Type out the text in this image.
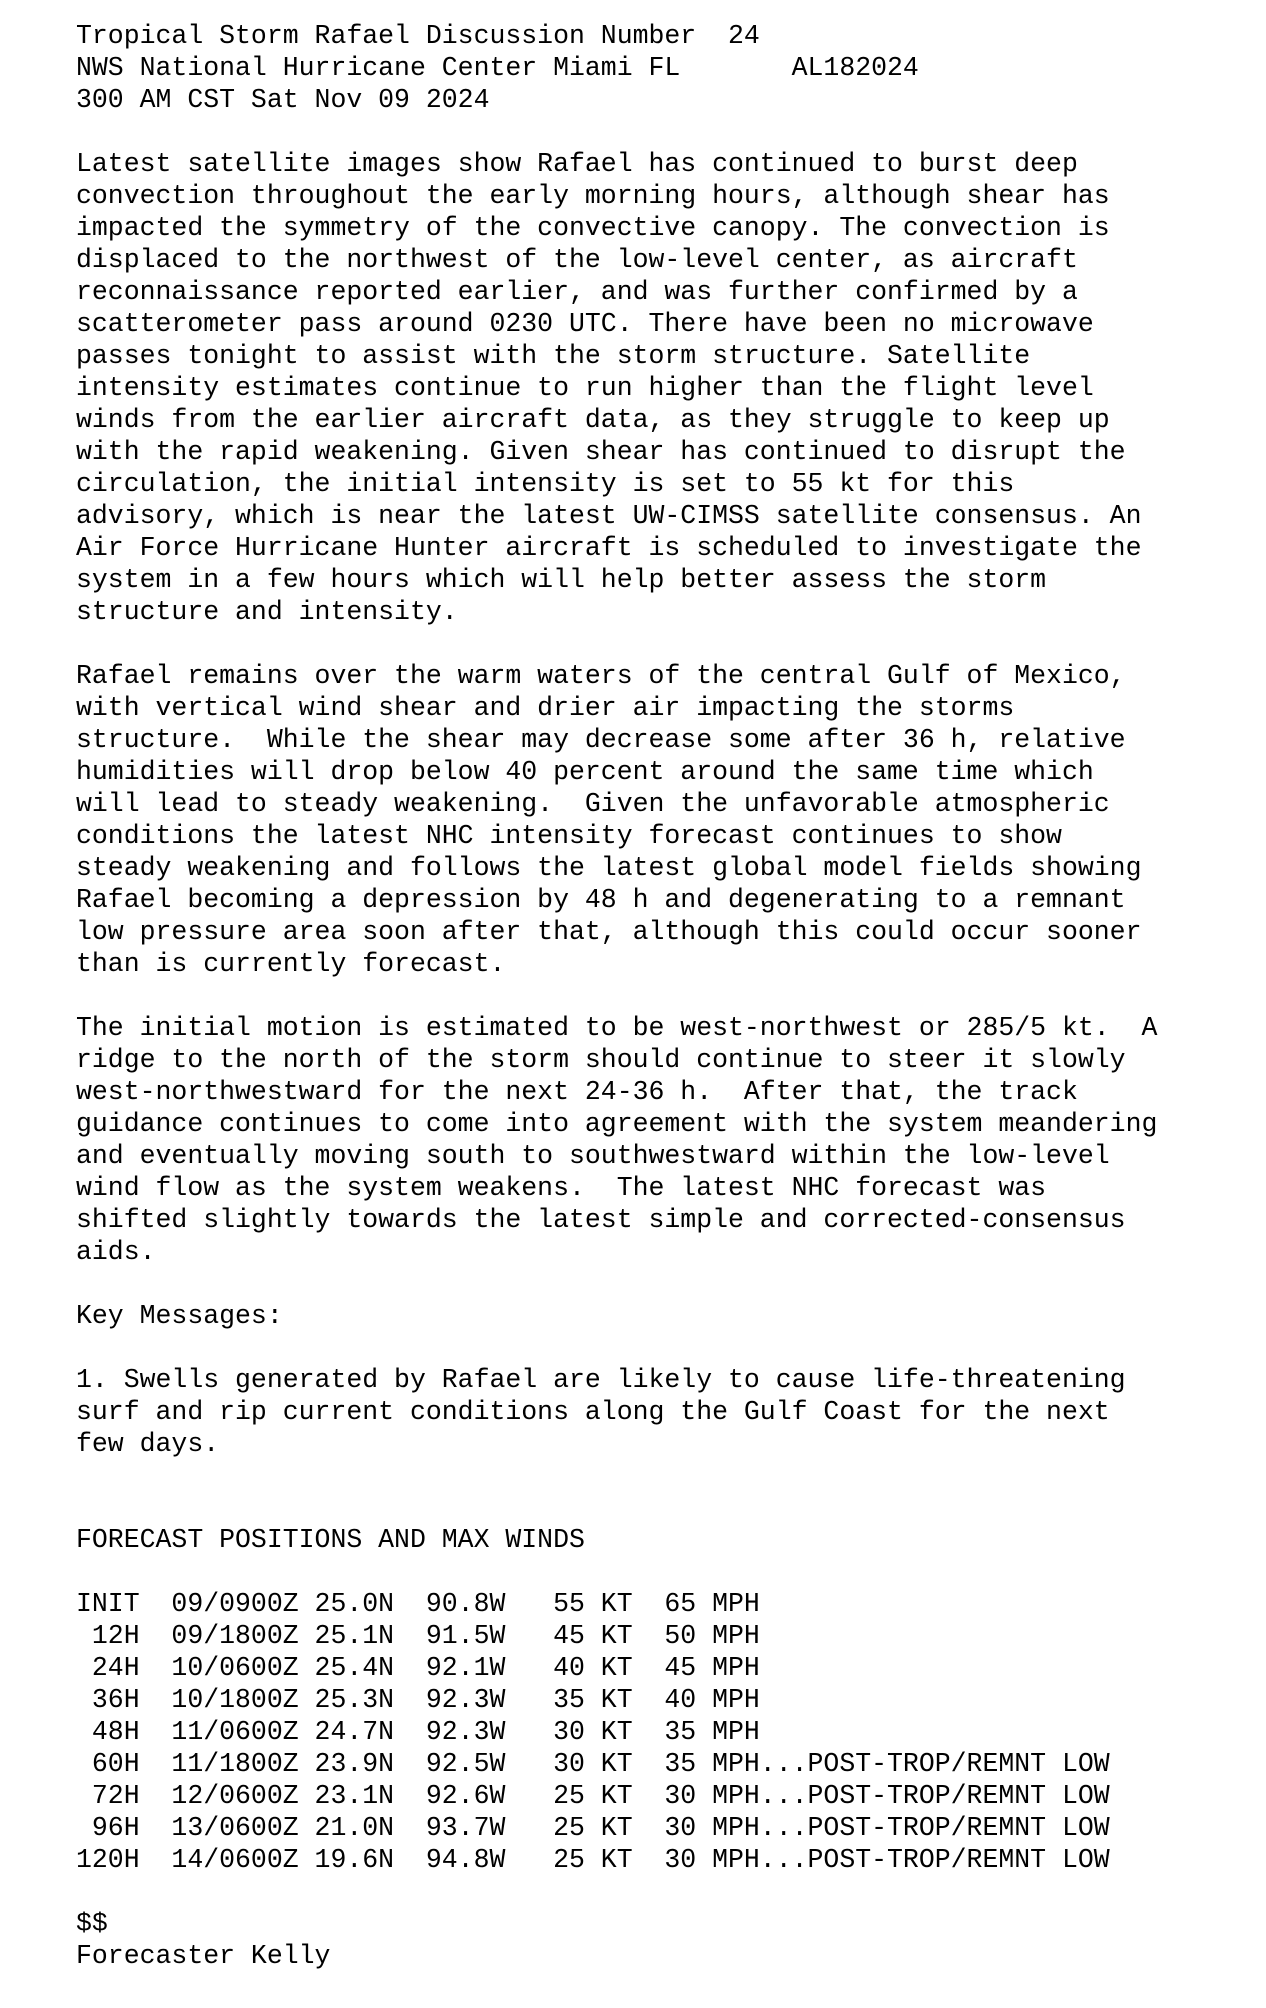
Tropical Storm Rafael Discussion Number  24
NWS National Hurricane Center Miami FL       AL182024
300 AM CST Sat Nov 09 2024
Latest satellite images show Rafael has continued to burst deep
convection throughout the early morning hours, although shear has
impacted the symmetry of the convective canopy. The convection is
displaced to the northwest of the low-level center, as aircraft
reconnaissance reported earlier, and was further confirmed by a
scatterometer pass around 0230 UTC. There have been no microwave
passes tonight to assist with the storm structure. Satellite
intensity estimates continue to run higher than the flight level
winds from the earlier aircraft data, as they struggle to keep up
with the rapid weakening. Given shear has continued to disrupt the
circulation, the initial intensity is set to 55 kt for this
advisory, which is near the latest UW-CIMSS satellite consensus. An
Air Force Hurricane Hunter aircraft is scheduled to investigate the
system in a few hours which will help better assess the storm
structure and intensity.
Rafael remains over the warm waters of the central Gulf of Mexico,
with vertical wind shear and drier air impacting the storms
structure.  While the shear may decrease some after 36 h, relative
humidities will drop below 40 percent around the same time which
will lead to steady weakening.  Given the unfavorable atmospheric
conditions the latest NHC intensity forecast continues to show
steady weakening and follows the latest global model fields showing
Rafael becoming a depression by 48 h and degenerating to a remnant
low pressure area soon after that, although this could occur sooner
than is currently forecast.
The initial motion is estimated to be west-northwest or 285/5 kt.  A
ridge to the north of the storm should continue to steer it slowly
west-northwestward for the next 24-36 h.  After that, the track
guidance continues to come into agreement with the system meandering
and eventually moving south to southwestward within the low-level
wind flow as the system weakens.  The latest NHC forecast was
shifted slightly towards the latest simple and corrected-consensus
aids.
Key Messages:
1. Swells generated by Rafael are likely to cause life-threatening
surf and rip current conditions along the Gulf Coast for the next
few days.
FORECAST POSITIONS AND MAX WINDS
INIT  09/0900Z 25.0N  90.8W   55 KT  65 MPH
12H  09/1800Z 25.1N  91.5W   45 KT  50 MPH
24H  10/0600Z 25.4N  92.1W   40 KT  45 MPH
36H  10/1800Z 25.3N  92.3W   35 KT  40 MPH
48H  11/0600Z 24.7N  92.3W   30 KT  35 MPH
60H  11/1800Z 23.9N  92.5W   30 KT  35 MPH...POST-TROP/REMNT LOW
72H  12/0600Z 23.1N  92.6W   25 KT  30 MPH...POST-TROP/REMNT LOW
96H  13/0600Z 21.0N  93.7W   25 KT  30 MPH...POST-TROP/REMNT LOW
120H  14/0600Z 19.6N  94.8W   25 KT  30 MPH...POST-TROP/REMNT LOW
$$
Forecaster Kelly
